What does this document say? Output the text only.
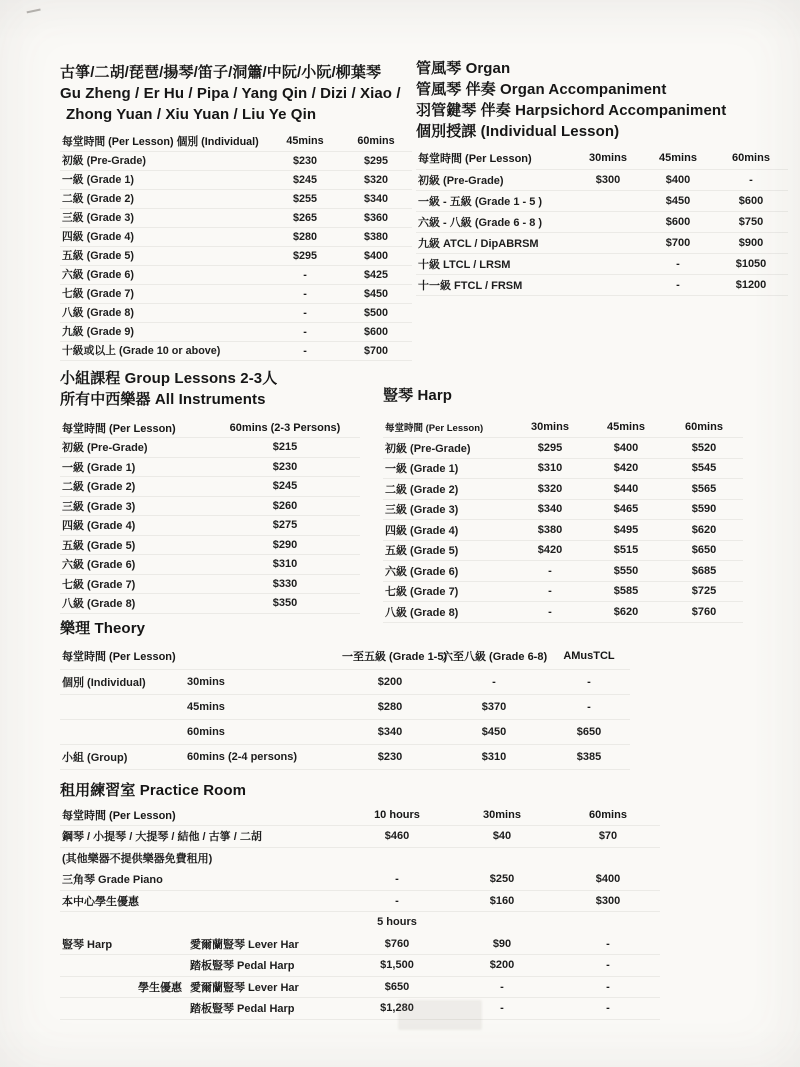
古箏/二胡/琵琶/揚琴/笛子/洞簫/中阮/小阮/柳葉琴
Gu Zheng / Er Hu / Pipa / Yang Qin / Dizi / Xiao /
Zhong Yuan / Xiu Yuan / Liu Ye Qin
每堂時間 (Per Lesson) 個別 (Individual)	45mins	60mins
初級 (Pre-Grade)	$230	$295
一級 (Grade 1)	$245	$320
二級 (Grade 2)	$255	$340
三級 (Grade 3)	$265	$360
四級 (Grade 4)	$280	$380
五級 (Grade 5)	$295	$400
六級 (Grade 6)	-	$425
七級 (Grade 7)	-	$450
八級 (Grade 8)	-	$500
九級 (Grade 9)	-	$600
十級或以上 (Grade 10 or above)	-	$700
管風琴 Organ
管風琴 伴奏 Organ Accompaniment
羽管鍵琴 伴奏 Harpsichord Accompaniment
個別授課 (Individual Lesson)
每堂時間 (Per Lesson)	30mins	45mins	60mins
初級 (Pre-Grade)	$300	$400	-
一級 - 五級 (Grade 1 - 5 )		$450	$600
六級 - 八級 (Grade 6 - 8 )		$600	$750
九級 ATCL / DipABRSM		$700	$900
十級 LTCL / LRSM		-	$1050
十一級 FTCL / FRSM		-	$1200
小組課程 Group Lessons 2-3人
所有中西樂器 All Instruments
每堂時間 (Per Lesson)	60mins (2-3 Persons)
初級 (Pre-Grade)	$215
一級 (Grade 1)	$230
二級 (Grade 2)	$245
三級 (Grade 3)	$260
四級 (Grade 4)	$275
五級 (Grade 5)	$290
六級 (Grade 6)	$310
七級 (Grade 7)	$330
八級 (Grade 8)	$350
豎琴 Harp
每堂時間 (Per Lesson)	30mins	45mins	60mins
初級 (Pre-Grade)	$295	$400	$520
一級 (Grade 1)	$310	$420	$545
二級 (Grade 2)	$320	$440	$565
三級 (Grade 3)	$340	$465	$590
四級 (Grade 4)	$380	$495	$620
五級 (Grade 5)	$420	$515	$650
六級 (Grade 6)	-	$550	$685
七級 (Grade 7)	-	$585	$725
八級 (Grade 8)	-	$620	$760
樂理 Theory
每堂時間 (Per Lesson)		一至五級 (Grade 1-5)	六至八級 (Grade 6-8)	AMusTCL
個別 (Individual)	30mins	$200	-	-
	45mins	$280	$370	-
	60mins	$340	$450	$650
小組 (Group)	60mins (2-4 persons)	$230	$310	$385
租用練習室 Practice Room
每堂時間 (Per Lesson)		10 hours	30mins	60mins
鋼琴 / 小提琴 / 大提琴 / 結他 / 古箏 / 二胡		$460	$40	$70
(其他樂器不提供樂器免費租用)				
三角琴 Grade Piano		-	$250	$400
本中心學生優惠		-	$160	$300
		5 hours		
豎琴 Harp	愛爾蘭豎琴 Lever Har	$760	$90	-
	踏板豎琴 Pedal Harp	$1,500	$200	-
學生優惠	愛爾蘭豎琴 Lever Har	$650	-	-
	踏板豎琴 Pedal Harp	$1,280	-	-
